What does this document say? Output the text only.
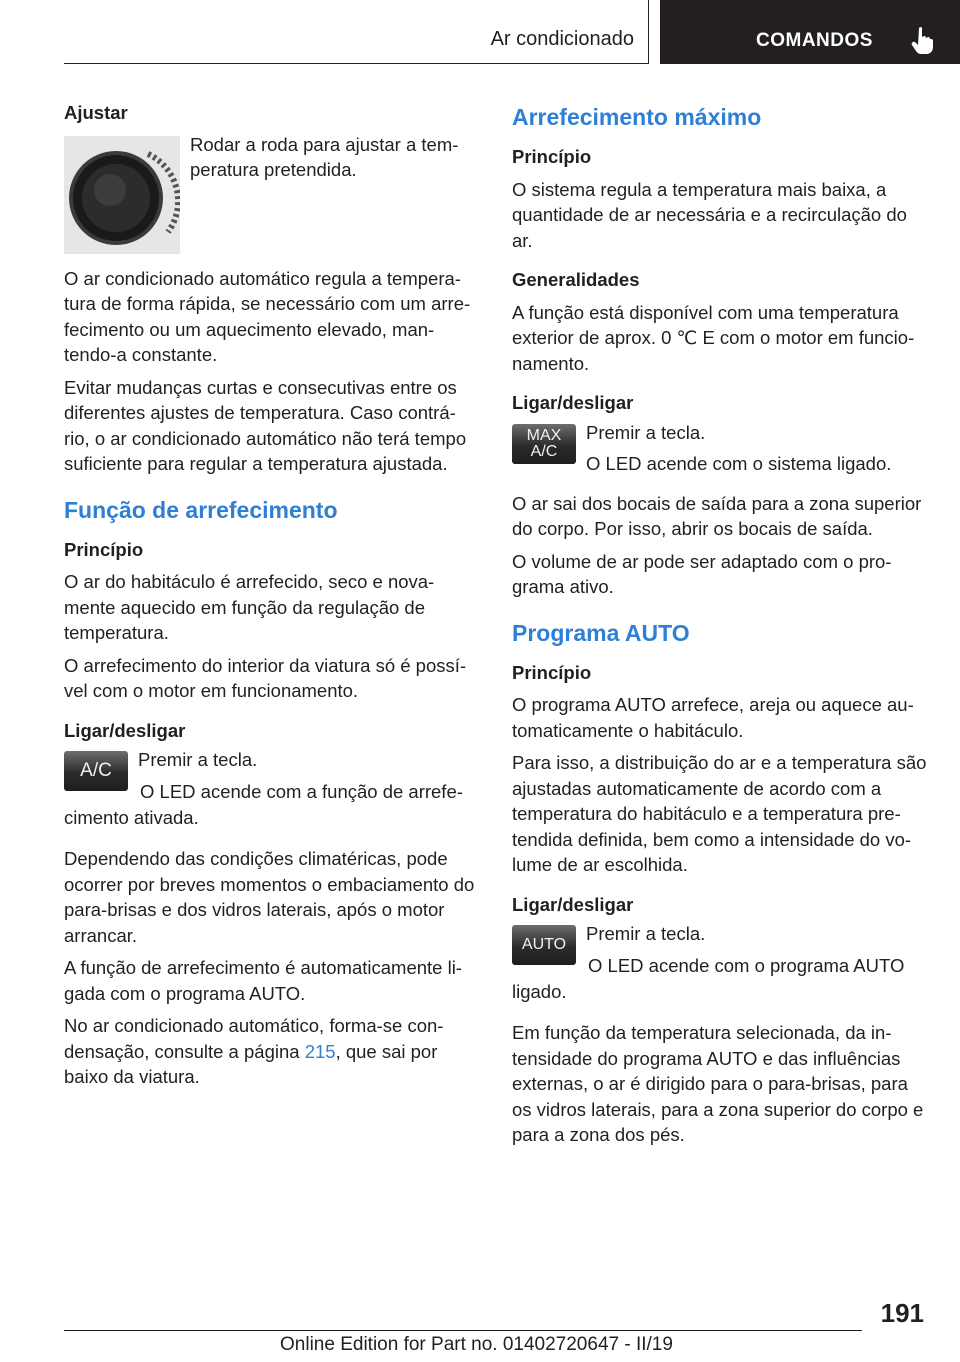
Ar condicionado	COMANDOS

Ajustar

Rodar a roda para ajustar a tem-peratura pretendida.

O ar condicionado automático regula a tempera-tura de forma rápida, se necessário com um arre-fecimento ou um aquecimento elevado, man-tendo-a constante.

Evitar mudanças curtas e consecutivas entre os diferentes ajustes de temperatura. Caso contrá-rio, o ar condicionado automático não terá tempo suficiente para regular a temperatura ajustada.

Função de arrefecimento

Princípio

O ar do habitáculo é arrefecido, seco e nova-mente aquecido em função da regulação de temperatura.

O arrefecimento do interior da viatura só é possí-vel com o motor em funcionamento.

Ligar/desligar

A/C

Premir a tecla.

O LED acende com a função de arrefe-cimento ativada.

Dependendo das condições climatéricas, pode ocorrer por breves momentos o embaciamento do para-brisas e dos vidros laterais, após o motor arrancar.

A função de arrefecimento é automaticamente li-gada com o programa AUTO.

No ar condicionado automático, forma-se con-densação, consulte a página 215, que sai por baixo da viatura.

Arrefecimento máximo

Princípio

O sistema regula a temperatura mais baixa, a quantidade de ar necessária e a recirculação do ar.

Generalidades

A função está disponível com uma temperatura exterior de aprox. 0 ℃ E com o motor em funcio-namento.

Ligar/desligar

MAX
A/C

Premir a tecla.

O LED acende com o sistema ligado.

O ar sai dos bocais de saída para a zona superior do corpo. Por isso, abrir os bocais de saída.

O volume de ar pode ser adaptado com o pro-grama ativo.

Programa AUTO

Princípio

O programa AUTO arrefece, areja ou aquece au-tomaticamente o habitáculo.

Para isso, a distribuição do ar e a temperatura são ajustadas automaticamente de acordo com a temperatura do habitáculo e a temperatura pre-tendida definida, bem como a intensidade do vo-lume de ar escolhida.

Ligar/desligar

AUTO

Premir a tecla.

O LED acende com o programa AUTO ligado.

Em função da temperatura selecionada, da in-tensidade do programa AUTO e das influências externas, o ar é dirigido para o para-brisas, para os vidros laterais, para a zona superior do corpo e para a zona dos pés.

191
Online Edition for Part no. 01402720647 - II/19
